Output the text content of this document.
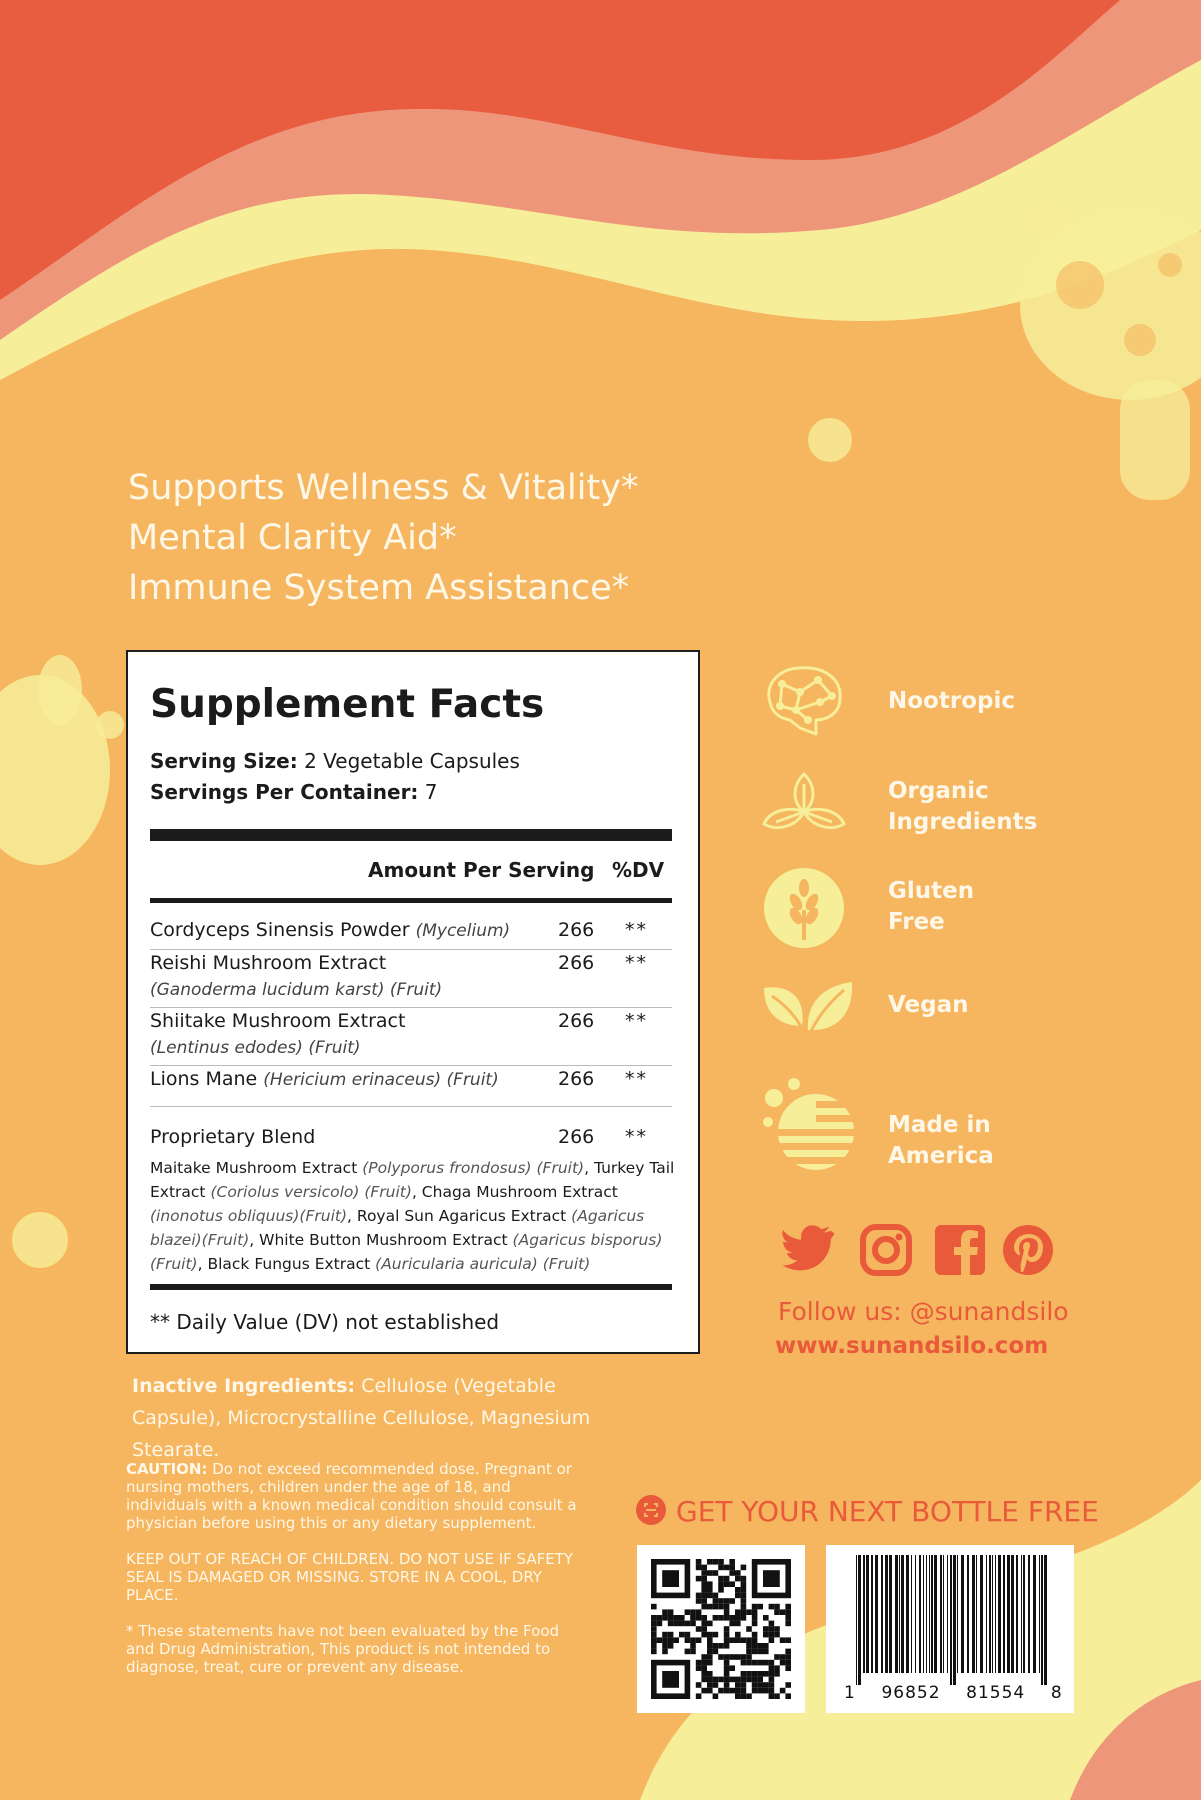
Supports Wellness & Vitality*
Mental Clarity Aid*
Immune System Assistance*
Supplement Facts
Serving Size: 2 Vegetable Capsules
Servings Per Container: 7
Amount Per Serving %DV
Cordyceps Sinensis Powder (Mycelium)	266 **
Reishi Mushroom Extract	266 **
(Ganoderma lucidum karst) (Fruit)
Shiitake Mushroom Extract	266 **
(Lentinus edodes) (Fruit)
Lions Mane (Hericium erinaceus) (Fruit)	266 **
Proprietary Blend	266 **
Maitake Mushroom Extract (Polyporus frondosus) (Fruit), Turkey Tail Extract (Coriolus versicolo) (Fruit), Chaga Mushroom Extract (inonotus obliquus)(Fruit), Royal Sun Agaricus Extract (Agaricus blazei)(Fruit), White Button Mushroom Extract (Agaricus bisporus)(Fruit), Black Fungus Extract (Auricularia auricula) (Fruit)
** Daily Value (DV) not established
Inactive Ingredients: Cellulose (Vegetable Capsule), Microcrystalline Cellulose, Magnesium Stearate.

CAUTION: Do not exceed recommended dose. Pregnant or nursing mothers, children under the age of 18, and individuals with a known medical condition should consult a physician before using this or any dietary supplement.

KEEP OUT OF REACH OF CHILDREN. DO NOT USE IF SAFETY SEAL IS DAMAGED OR MISSING. STORE IN A COOL, DRY PLACE.

* These statements have not been evaluated by the Food and Drug Administration, This product is not intended to diagnose, treat, cure or prevent any disease.

Nootropic
Organic
Ingredients
Gluten
Free
Vegan
Made in
America
Follow us: @sunandsilo
www.sunandsilo.com
GET YOUR NEXT BOTTLE FREE
1 96852 81554 8
